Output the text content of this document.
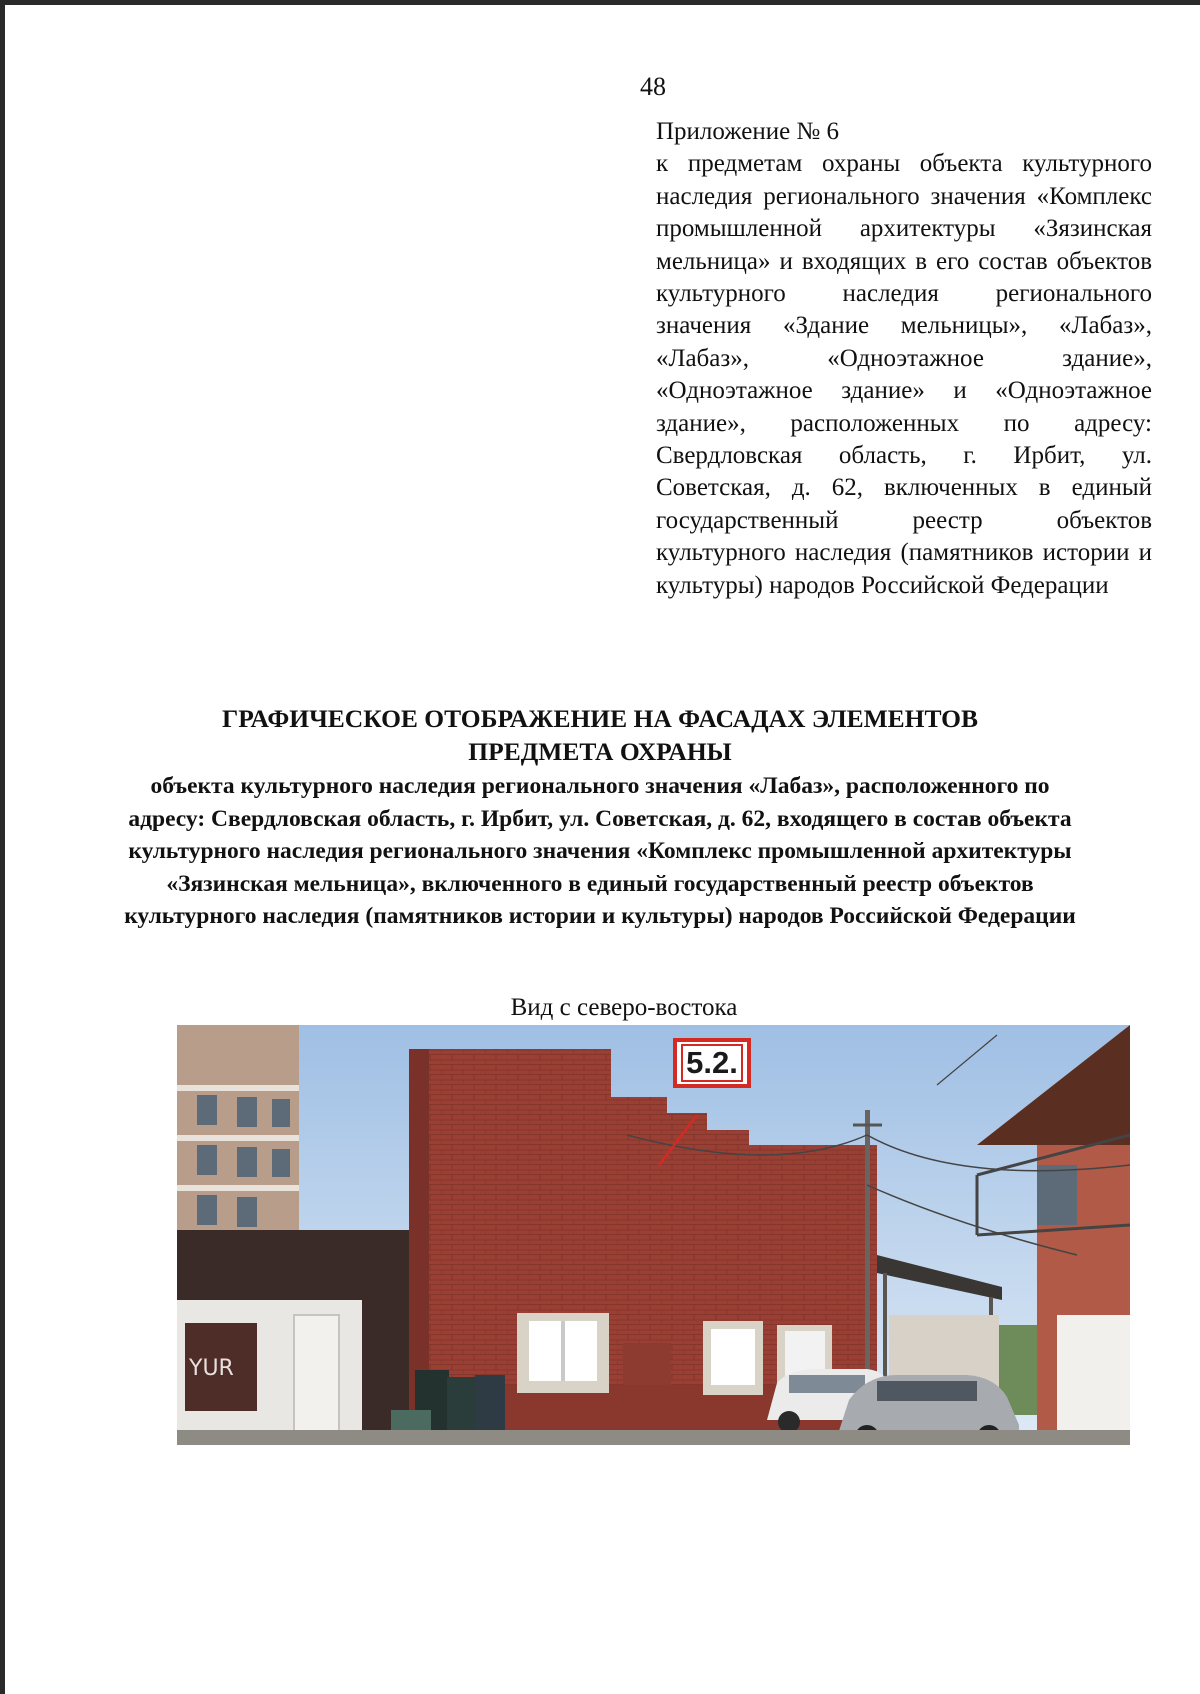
48
Приложение № 6
к предметам охраны объекта культурного наследия регионального значения «Комплекс промышленной архитектуры «Зязинская мельница» и входящих в его состав объектов культурного наследия регионального значения «Здание мельницы», «Лабаз», «Лабаз», «Одноэтажное здание», «Одноэтажное здание» и «Одноэтажное здание», расположенных по адресу: Свердловская область, г. Ирбит, ул. Советская, д. 62, включенных в единый государственный реестр объектов культурного наследия (памятников истории и культуры) народов Российской Федерации
ГРАФИЧЕСКОЕ ОТОБРАЖЕНИЕ НА ФАСАДАХ ЭЛЕМЕНТОВ
ПРЕДМЕТА ОХРАНЫ
объекта культурного наследия регионального значения «Лабаз», расположенного по адресу: Свердловская область, г. Ирбит, ул. Советская, д. 62, входящего в состав объекта культурного наследия регионального значения «Комплекс промышленной архитектуры «Зязинская мельница», включенного в единый государственный реестр объектов культурного наследия (памятников истории и культуры) народов Российской Федерации
Вид с северо-востока
YUR
5.2.
